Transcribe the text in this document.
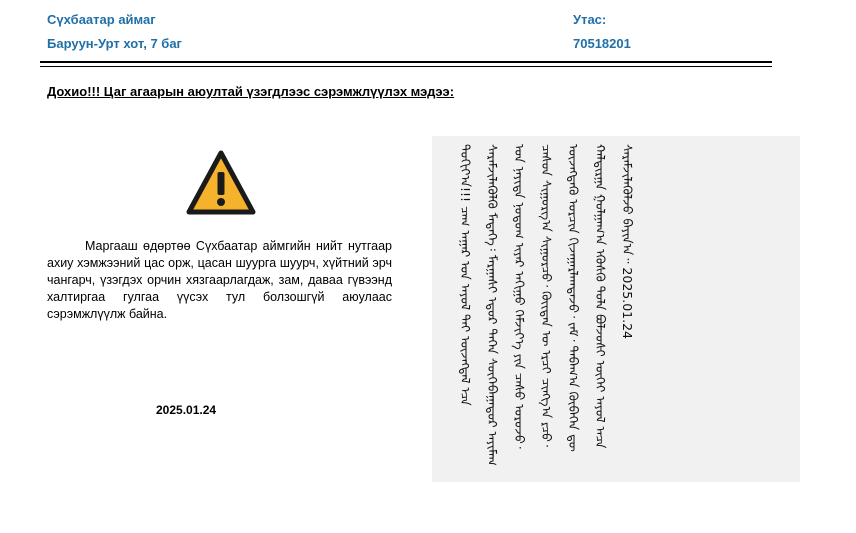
Сүхбаатар аймаг
Баруун-Урт хот, 7 баг
Утас:
70518201
Дохио!!! Цаг агаарын аюултай үзэгдлээс сэрэмжлүүлэх мэдээ:
Маргааш өдөртөө Сүхбаатар аймгийн нийт нутгаар ахиу хэмжээний цас орж, цасан шуурга шуурч, хүйтний эрч чангарч, үзэгдэх орчин хязгаарлагдаж, зам, даваа гүвээнд халтиргаа гулгаа үүсэх тул болзошгүй аюулаас сэрэмжлүүлж байна.
2025.01.24
ᠳᠣᠬᠢᠶ᠎ᠠ!!! ᠴᠠᠭ ᠠᠭᠠᠷ ᠤᠨ ᠠᠶᠤᠯ ᠲᠠᠢ ᠦᠵᠡᠭᠳᠡᠯ ᠡᠴᠡ ᠰᠡᠷᠡᠮᠵᠢᠯᠡᠭᠦᠯᠬᠦ ᠮᠡᠳᠡᠭᠡ᠄ ᠮᠠᠷᠭᠠᠰᠢ ᠡᠳᠦᠷ ᠲᠡᠭᠡᠨ ᠰᠦᠬᠡᠪᠠᠭᠠᠲᠣᠷ ᠠᠶᠢᠮᠠᠭ ᠤᠨ ᠨᠡᠶᠢᠲᠡ ᠨᠤᠲᠤᠭ ᠢᠶᠠᠷ ᠠᠬᠢᠭᠤ ᠬᠡᠮᠵᠢᠶ᠎ᠡ ᠶᠢᠨ ᠴᠠᠰᠤ ᠣᠷᠤᠵᠤ᠂ ᠴᠠᠰᠤᠨ ᠰᠢᠭᠤᠷᠭ᠎ᠠ ᠰᠢᠭᠤᠷᠴᠤ᠂ ᠬᠦᠢᠲᠡᠨ ᠦ ᠡᠷᠴᠢ ᠴᠢᠩᠭ᠎ᠠ ᠷᠴᠤ᠂ ᠦᠵᠡᠭᠳᠡᠬᠦ ᠣᠷᠴᠢᠨ ᠬᠢᠵᠠᠭᠠᠷᠯᠠᠭᠳᠠᠵᠤ᠂ ᠵᠠᠮ᠂ ᠳᠠᠪᠠᠭ᠎ᠠ ᠭᠦᠪᠡᠭᠡᠨ ᠳᠦ ᠬᠠᠯᠲᠢᠷᠭᠠ ᠭᠤᠯᠭᠠᠭ᠎ᠠ ᠡᠭᠦᠰᠬᠦ ᠲᠤᠯᠠ ᠪᠣᠯᠵᠣᠰᠢ ᠦᠭᠡᠢ ᠠᠶᠤᠯ ᠠᠴᠠ ᠰᠡᠷᠡᠮᠵᠢᠯᠡᠭᠦᠯᠵᠦ ᠪᠠᠶᠢᠨ᠎ᠠ᠃ 2025.01.24
